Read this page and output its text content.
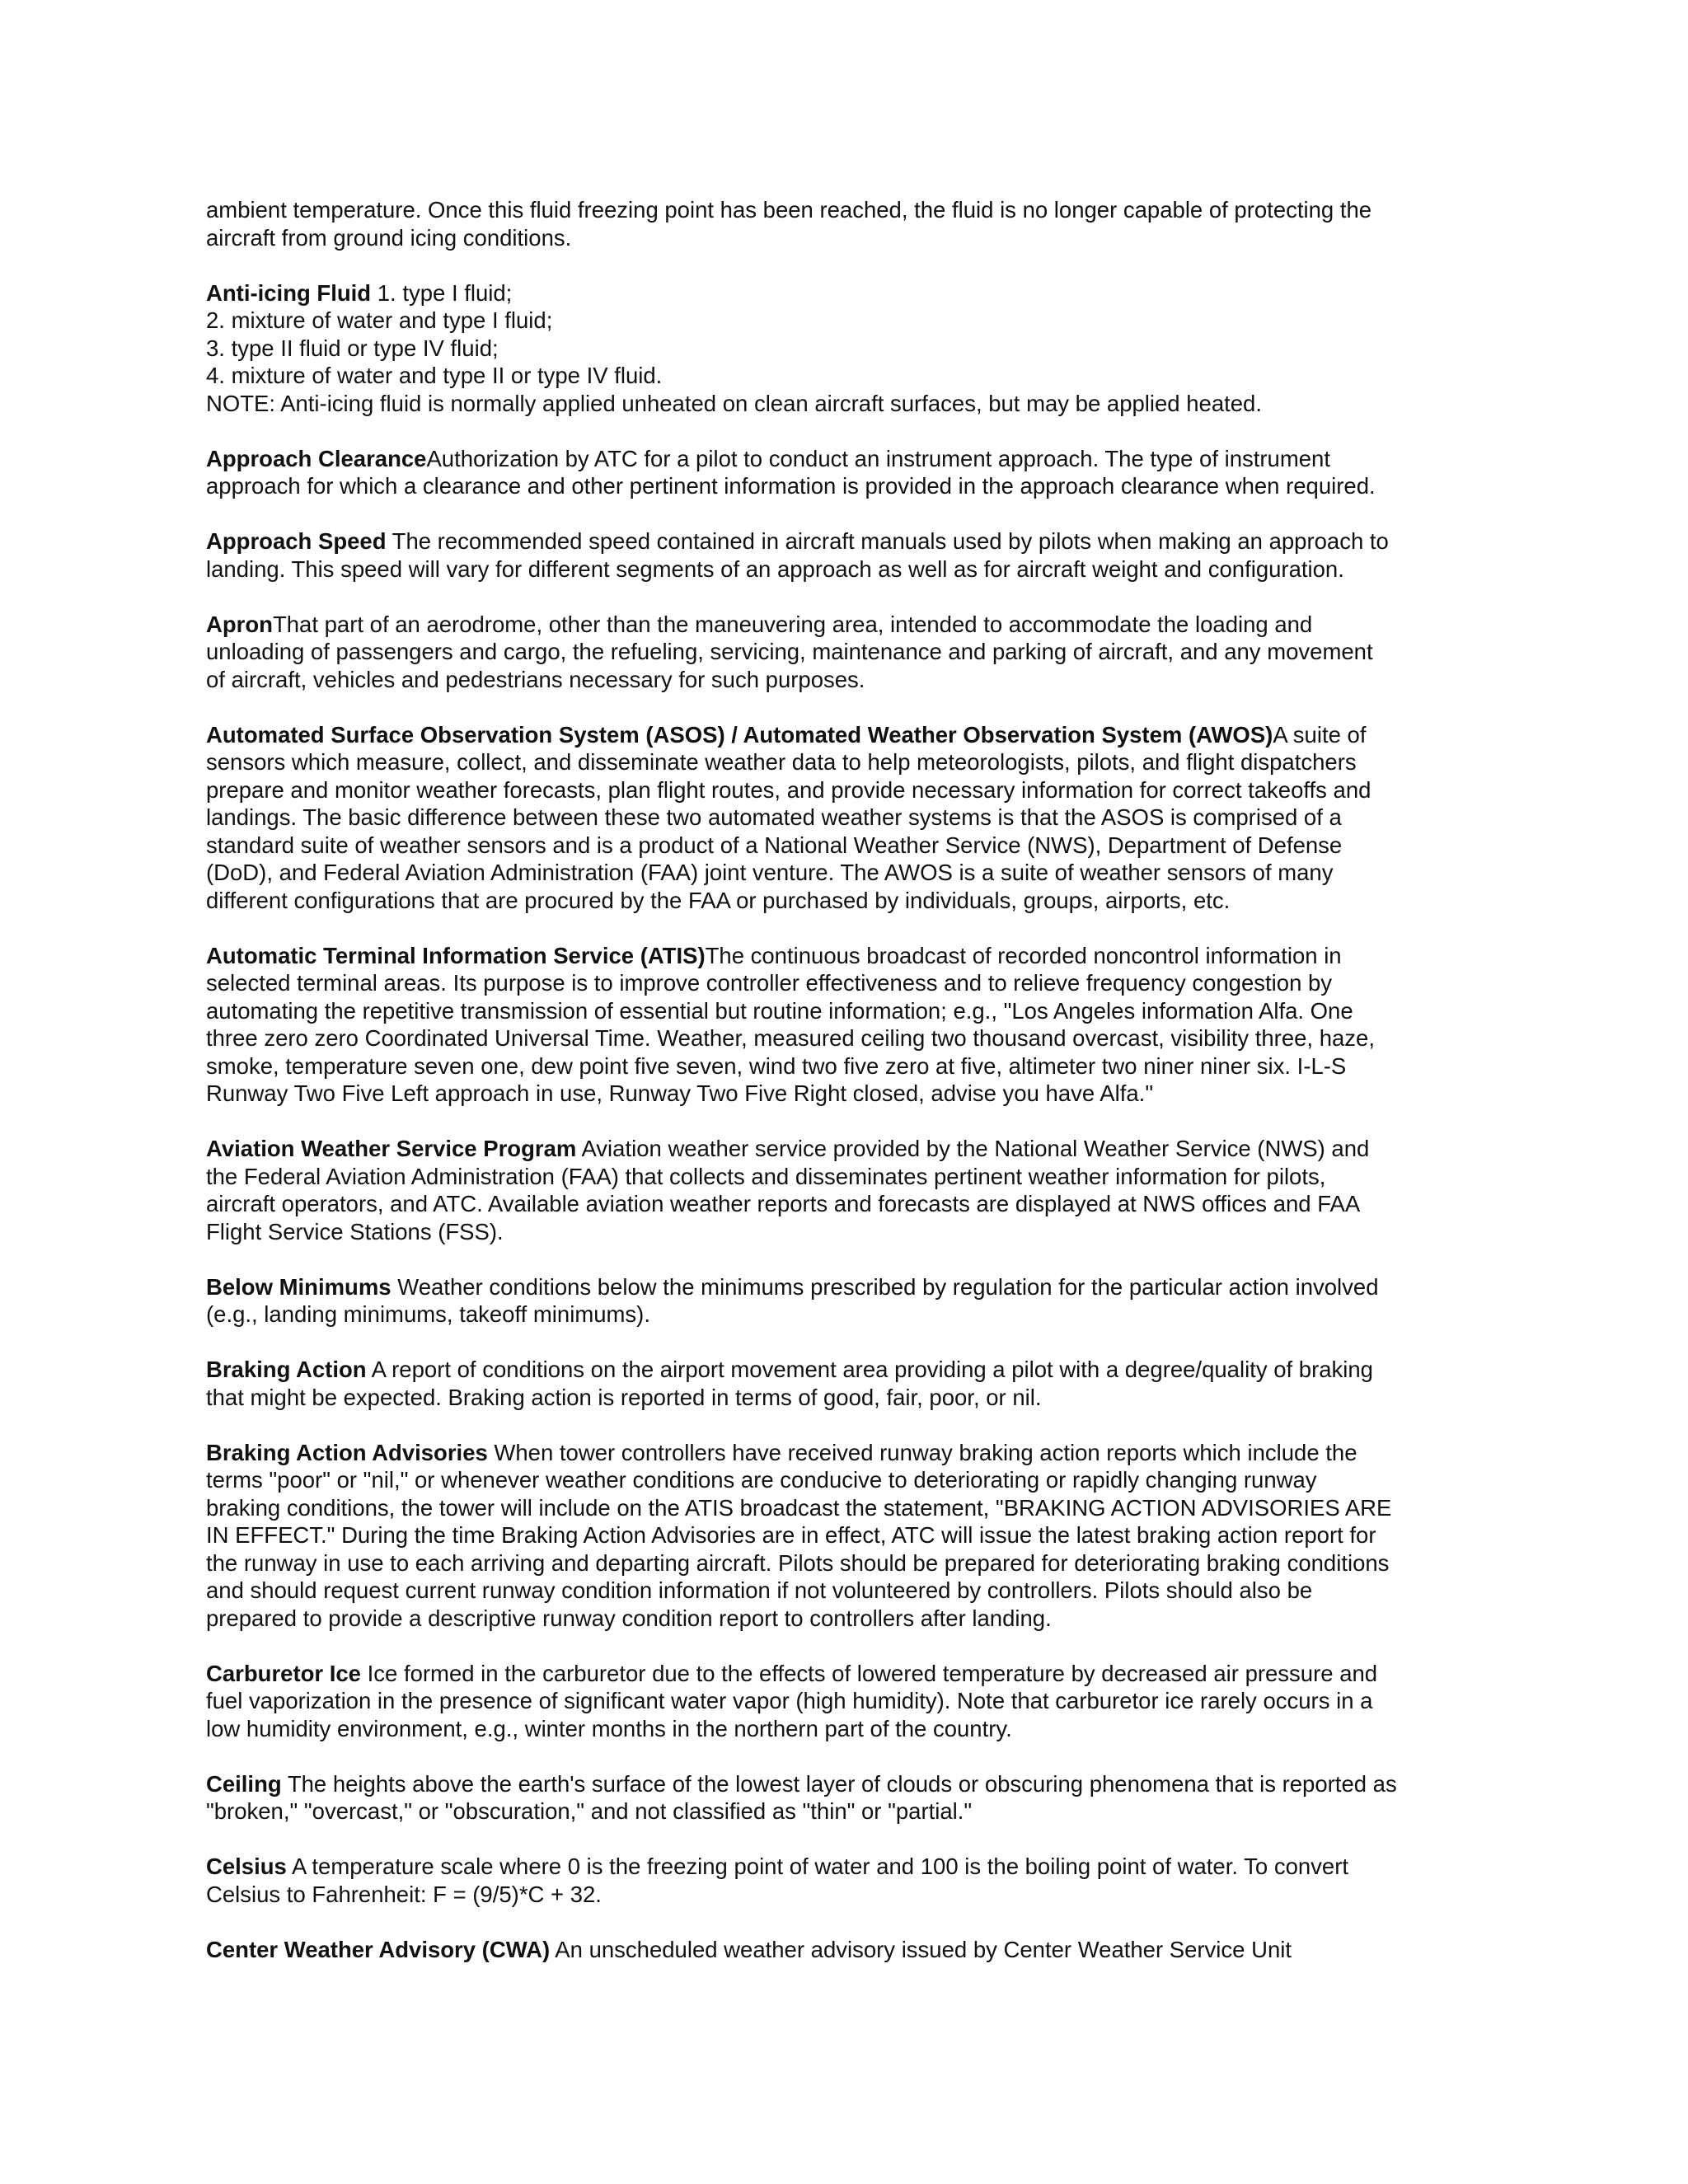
ambient temperature. Once this fluid freezing point has been reached, the fluid is no longer capable of protecting the
aircraft from ground icing conditions.
Anti-icing Fluid 1. type I fluid;
2. mixture of water and type I fluid;
3. type II fluid or type IV fluid;
4. mixture of water and type II or type IV fluid.
NOTE: Anti-icing fluid is normally applied unheated on clean aircraft surfaces, but may be applied heated.
Approach ClearanceAuthorization by ATC for a pilot to conduct an instrument approach. The type of instrument
approach for which a clearance and other pertinent information is provided in the approach clearance when required.
Approach Speed The recommended speed contained in aircraft manuals used by pilots when making an approach to
landing. This speed will vary for different segments of an approach as well as for aircraft weight and configuration.
ApronThat part of an aerodrome, other than the maneuvering area, intended to accommodate the loading and
unloading of passengers and cargo, the refueling, servicing, maintenance and parking of aircraft, and any movement
of aircraft, vehicles and pedestrians necessary for such purposes.
Automated Surface Observation System (ASOS) / Automated Weather Observation System (AWOS)A suite of
sensors which measure, collect, and disseminate weather data to help meteorologists, pilots, and flight dispatchers
prepare and monitor weather forecasts, plan flight routes, and provide necessary information for correct takeoffs and
landings. The basic difference between these two automated weather systems is that the ASOS is comprised of a
standard suite of weather sensors and is a product of a National Weather Service (NWS), Department of Defense
(DoD), and Federal Aviation Administration (FAA) joint venture. The AWOS is a suite of weather sensors of many
different configurations that are procured by the FAA or purchased by individuals, groups, airports, etc.
Automatic Terminal Information Service (ATIS)The continuous broadcast of recorded noncontrol information in
selected terminal areas. Its purpose is to improve controller effectiveness and to relieve frequency congestion by
automating the repetitive transmission of essential but routine information; e.g., "Los Angeles information Alfa. One
three zero zero Coordinated Universal Time. Weather, measured ceiling two thousand overcast, visibility three, haze,
smoke, temperature seven one, dew point five seven, wind two five zero at five, altimeter two niner niner six. I-L-S
Runway Two Five Left approach in use, Runway Two Five Right closed, advise you have Alfa."
Aviation Weather Service Program Aviation weather service provided by the National Weather Service (NWS) and
the Federal Aviation Administration (FAA) that collects and disseminates pertinent weather information for pilots,
aircraft operators, and ATC. Available aviation weather reports and forecasts are displayed at NWS offices and FAA
Flight Service Stations (FSS).
Below Minimums Weather conditions below the minimums prescribed by regulation for the particular action involved
(e.g., landing minimums, takeoff minimums).
Braking Action A report of conditions on the airport movement area providing a pilot with a degree/quality of braking
that might be expected. Braking action is reported in terms of good, fair, poor, or nil.
Braking Action Advisories When tower controllers have received runway braking action reports which include the
terms "poor" or "nil," or whenever weather conditions are conducive to deteriorating or rapidly changing runway
braking conditions, the tower will include on the ATIS broadcast the statement, "BRAKING ACTION ADVISORIES ARE
IN EFFECT." During the time Braking Action Advisories are in effect, ATC will issue the latest braking action report for
the runway in use to each arriving and departing aircraft. Pilots should be prepared for deteriorating braking conditions
and should request current runway condition information if not volunteered by controllers. Pilots should also be
prepared to provide a descriptive runway condition report to controllers after landing.
Carburetor Ice Ice formed in the carburetor due to the effects of lowered temperature by decreased air pressure and
fuel vaporization in the presence of significant water vapor (high humidity). Note that carburetor ice rarely occurs in a
low humidity environment, e.g., winter months in the northern part of the country.
Ceiling The heights above the earth's surface of the lowest layer of clouds or obscuring phenomena that is reported as
"broken," "overcast," or "obscuration," and not classified as "thin" or "partial."
Celsius A temperature scale where 0 is the freezing point of water and 100 is the boiling point of water. To convert
Celsius to Fahrenheit: F = (9/5)*C + 32.
Center Weather Advisory (CWA) An unscheduled weather advisory issued by Center Weather Service Unit
